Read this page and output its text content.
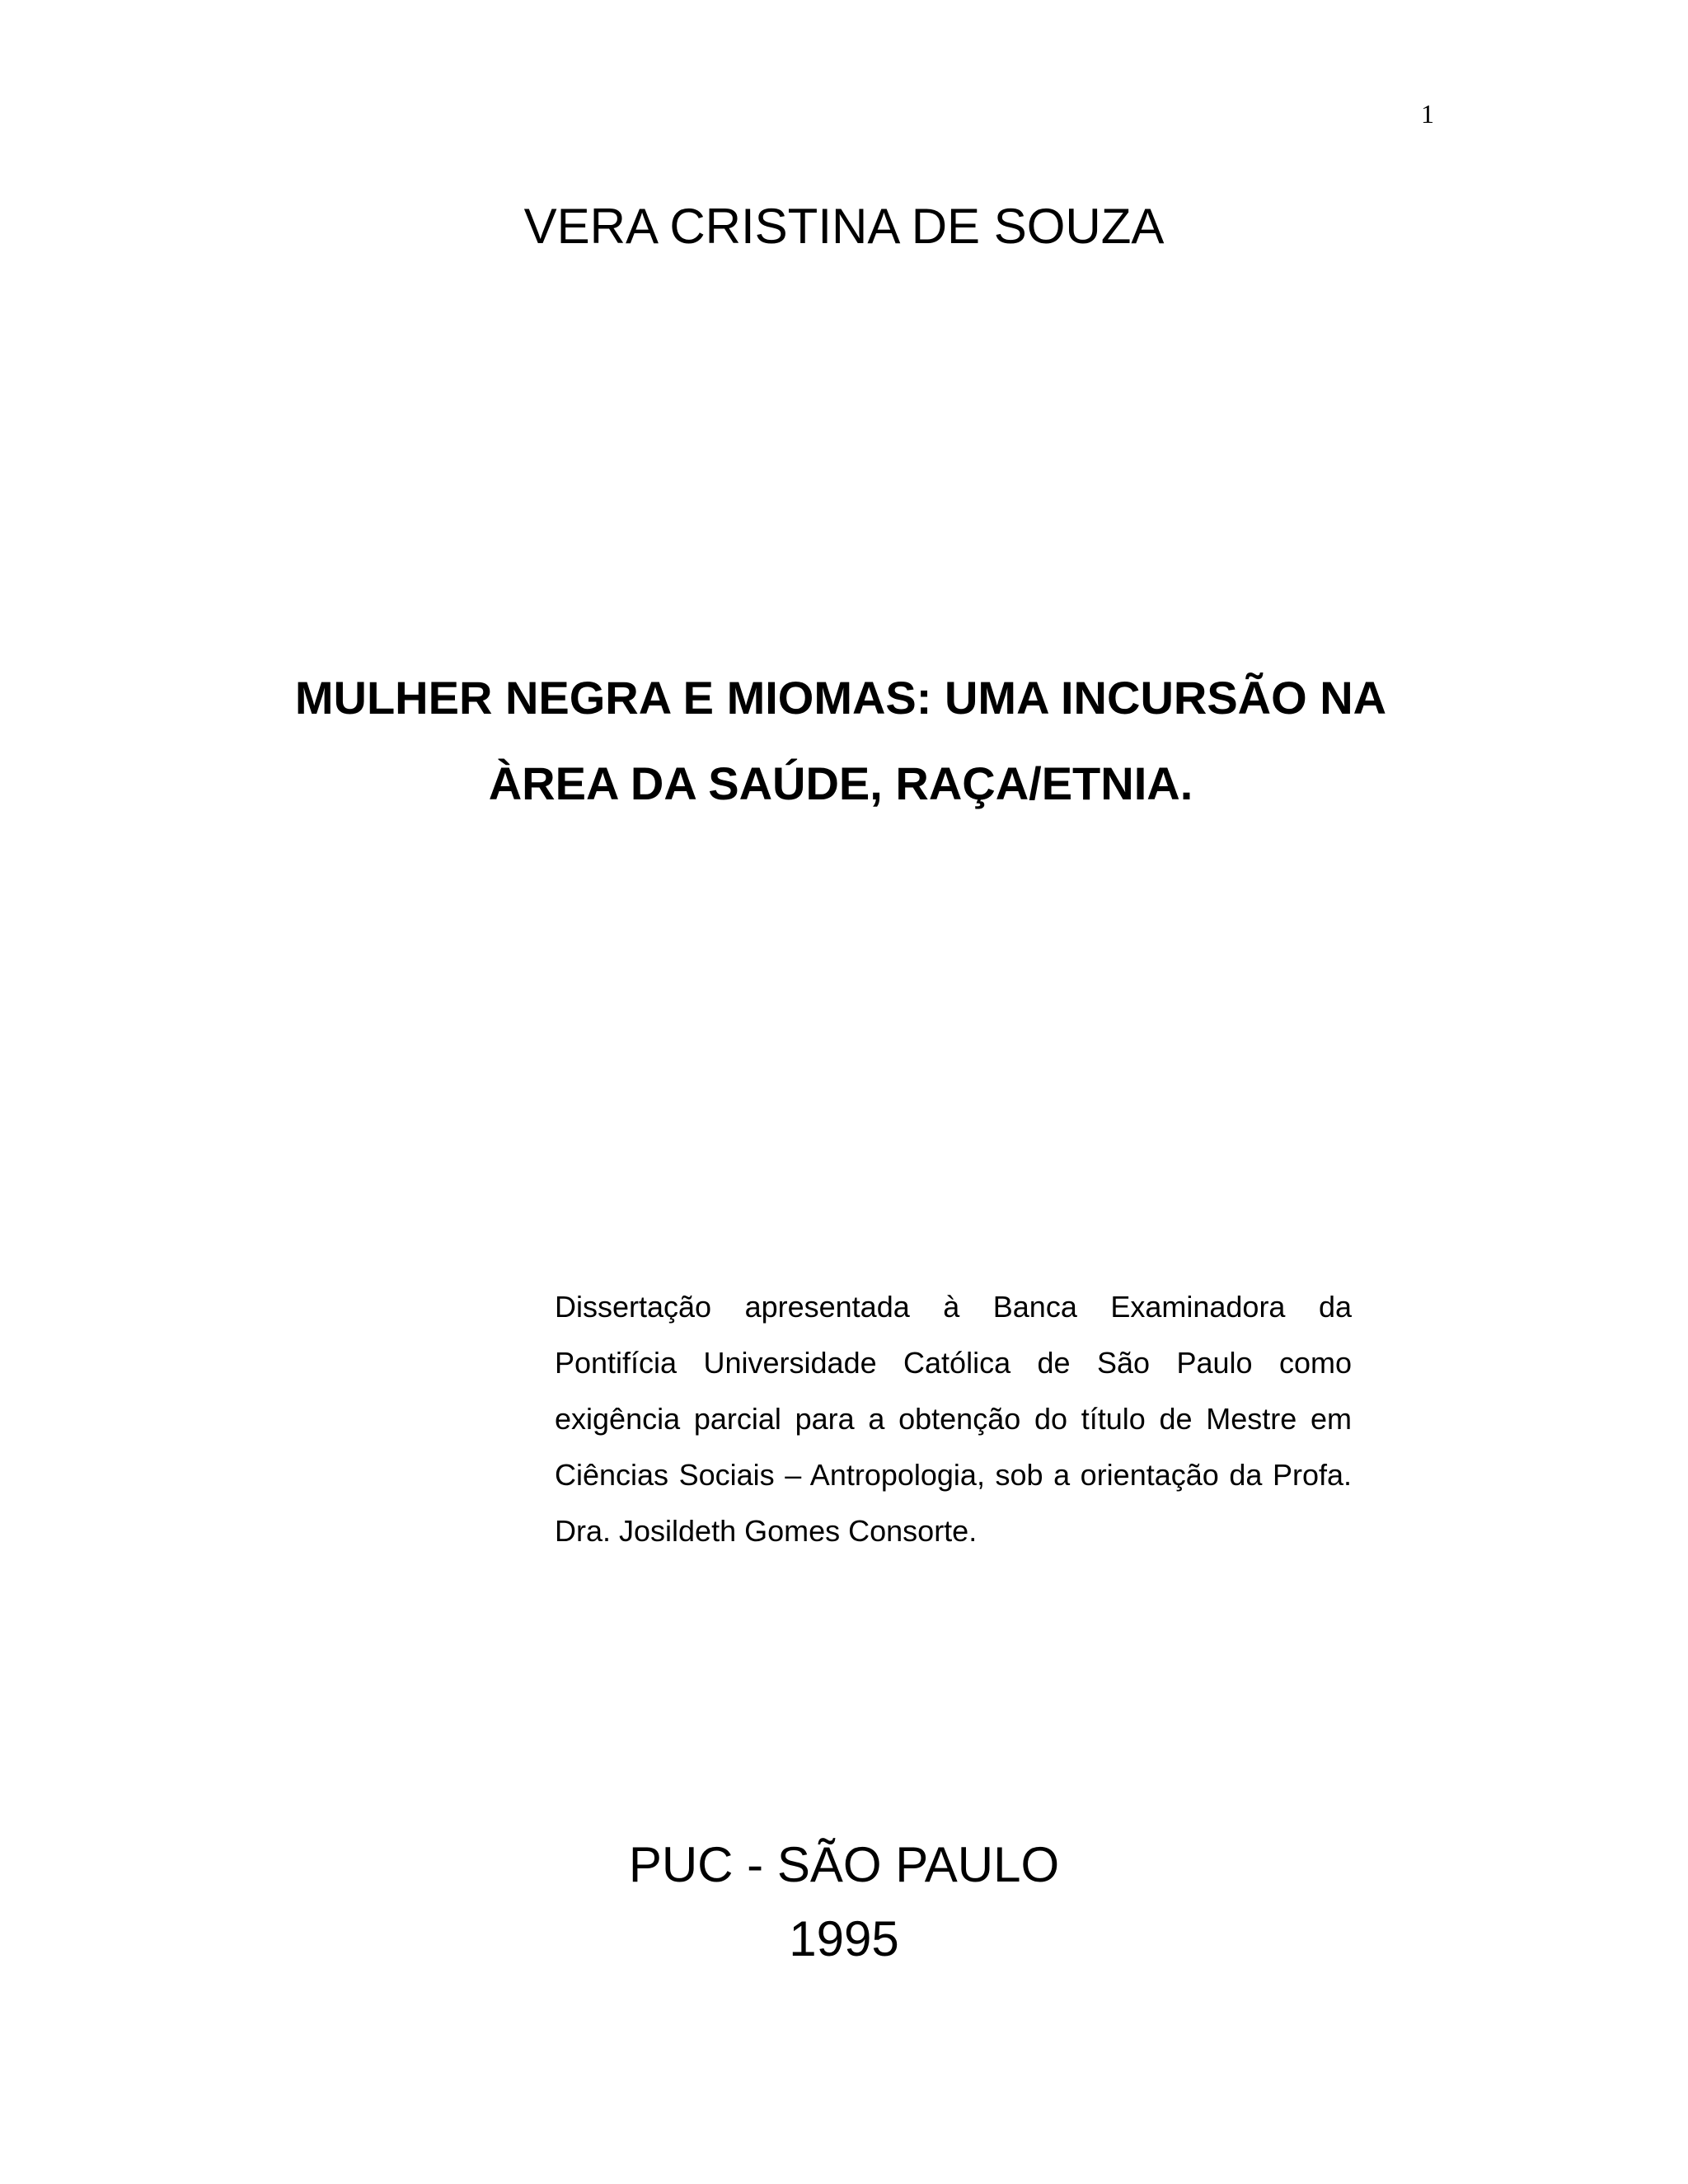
1
VERA CRISTINA DE SOUZA
MULHER NEGRA E MIOMAS: UMA INCURSÃO NA
ÀREA DA SAÚDE, RAÇA/ETNIA.
Dissertação apresentada à Banca Examinadora da Pontifícia Universidade Católica de São Paulo como exigência parcial para a obtenção do título de Mestre em Ciências Sociais – Antropologia, sob a orientação da Profa. Dra. Josildeth Gomes Consorte.
PUC - SÃO PAULO
1995
